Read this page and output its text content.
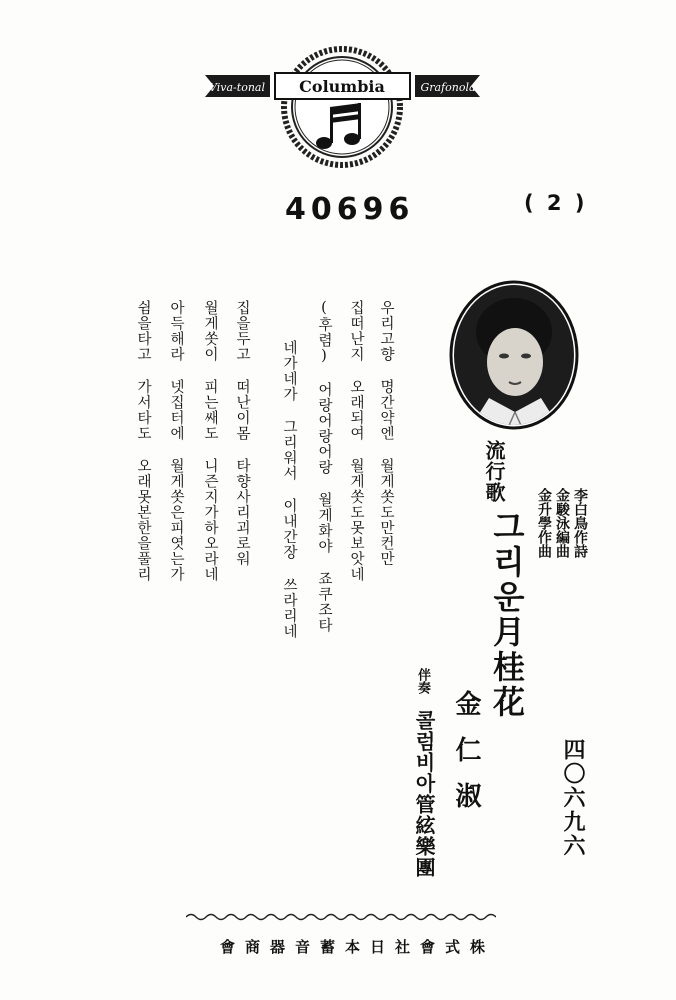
Viva-tonal Columbia	Grafonola
40696	( 2 )
流行歌
그리운月桂花
金仁淑
伴奏
콜럼비아管絃樂團
李白鳥作詩
金駿泳編曲
金升學作曲
四〇六九六
우리고향 명간약엔 월게쏫도만컨만
집떠난지 오래되여 월게쏫도못보앗네
(후렴) 어랑어랑어랑 월게화야 죠쿠조타
네가네가 그리워서 이내간장 쓰라리네
집을두고 떠난이몸 타향사리괴로워
월게쏫이 피는쌔도 니즌지가하오라네
아득해라 넷집터에 월게쏫은피엿는가
쉼을타고 가서타도 오래못본한을풀리
株式會社日本蓄音器商會
